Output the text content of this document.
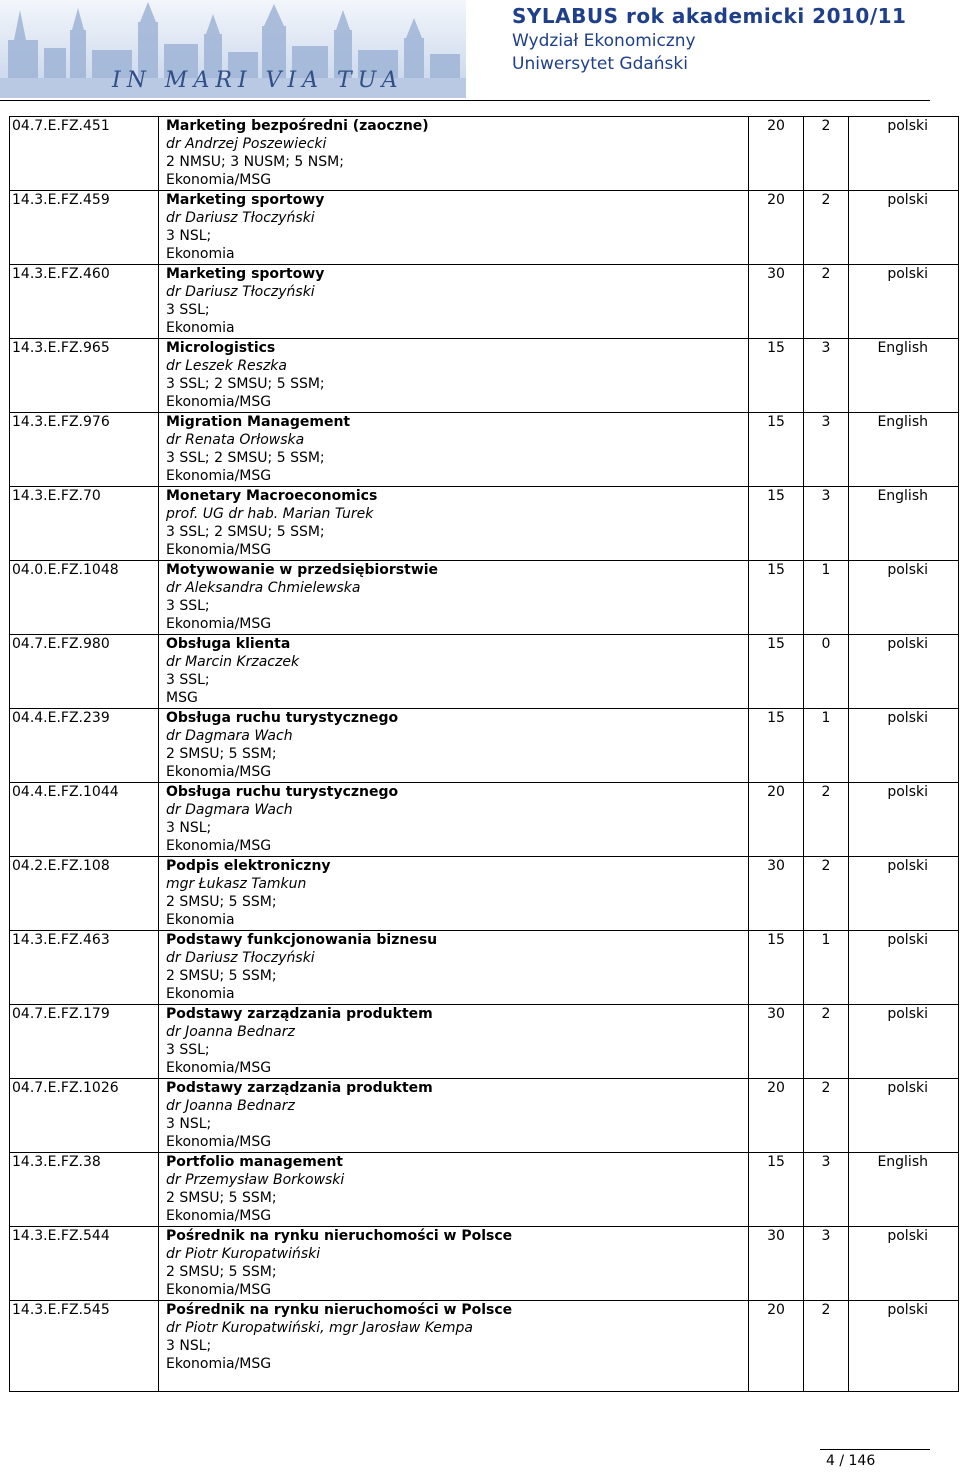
IN MARI VIA TUA
SYLABUS rok akademicki 2010/11
Wydział Ekonomiczny
Uniwersytet Gdański
04.7.E.FZ.451	Marketing bezpośredni (zaoczne)
dr Andrzej Poszewiecki
2 NMSU; 3 NUSM; 5 NSM;
Ekonomia/MSG	20	2	polski
14.3.E.FZ.459	Marketing sportowy
dr Dariusz Tłoczyński
3 NSL;
Ekonomia	20	2	polski
14.3.E.FZ.460	Marketing sportowy
dr Dariusz Tłoczyński
3 SSL;
Ekonomia	30	2	polski
14.3.E.FZ.965	Micrologistics
dr Leszek Reszka
3 SSL; 2 SMSU; 5 SSM;
Ekonomia/MSG	15	3	English
14.3.E.FZ.976	Migration Management
dr Renata Orłowska
3 SSL; 2 SMSU; 5 SSM;
Ekonomia/MSG	15	3	English
14.3.E.FZ.70	Monetary Macroeconomics
prof. UG dr hab. Marian Turek
3 SSL; 2 SMSU; 5 SSM;
Ekonomia/MSG	15	3	English
04.0.E.FZ.1048	Motywowanie w przedsiębiorstwie
dr Aleksandra Chmielewska
3 SSL;
Ekonomia/MSG	15	1	polski
04.7.E.FZ.980	Obsługa klienta
dr Marcin Krzaczek
3 SSL;
MSG	15	0	polski
04.4.E.FZ.239	Obsługa ruchu turystycznego
dr Dagmara Wach
2 SMSU; 5 SSM;
Ekonomia/MSG	15	1	polski
04.4.E.FZ.1044	Obsługa ruchu turystycznego
dr Dagmara Wach
3 NSL;
Ekonomia/MSG	20	2	polski
04.2.E.FZ.108	Podpis elektroniczny
mgr Łukasz Tamkun
2 SMSU; 5 SSM;
Ekonomia	30	2	polski
14.3.E.FZ.463	Podstawy funkcjonowania biznesu
dr Dariusz Tłoczyński
2 SMSU; 5 SSM;
Ekonomia	15	1	polski
04.7.E.FZ.179	Podstawy zarządzania produktem
dr Joanna Bednarz
3 SSL;
Ekonomia/MSG	30	2	polski
04.7.E.FZ.1026	Podstawy zarządzania produktem
dr Joanna Bednarz
3 NSL;
Ekonomia/MSG	20	2	polski
14.3.E.FZ.38	Portfolio management
dr Przemysław Borkowski
2 SMSU; 5 SSM;
Ekonomia/MSG	15	3	English
14.3.E.FZ.544	Pośrednik na rynku nieruchomości w Polsce
dr Piotr Kuropatwiński
2 SMSU; 5 SSM;
Ekonomia/MSG	30	3	polski
14.3.E.FZ.545	Pośrednik na rynku nieruchomości w Polsce
dr Piotr Kuropatwiński, mgr Jarosław Kempa
3 NSL;
Ekonomia/MSG	20	2	polski
4 / 146
